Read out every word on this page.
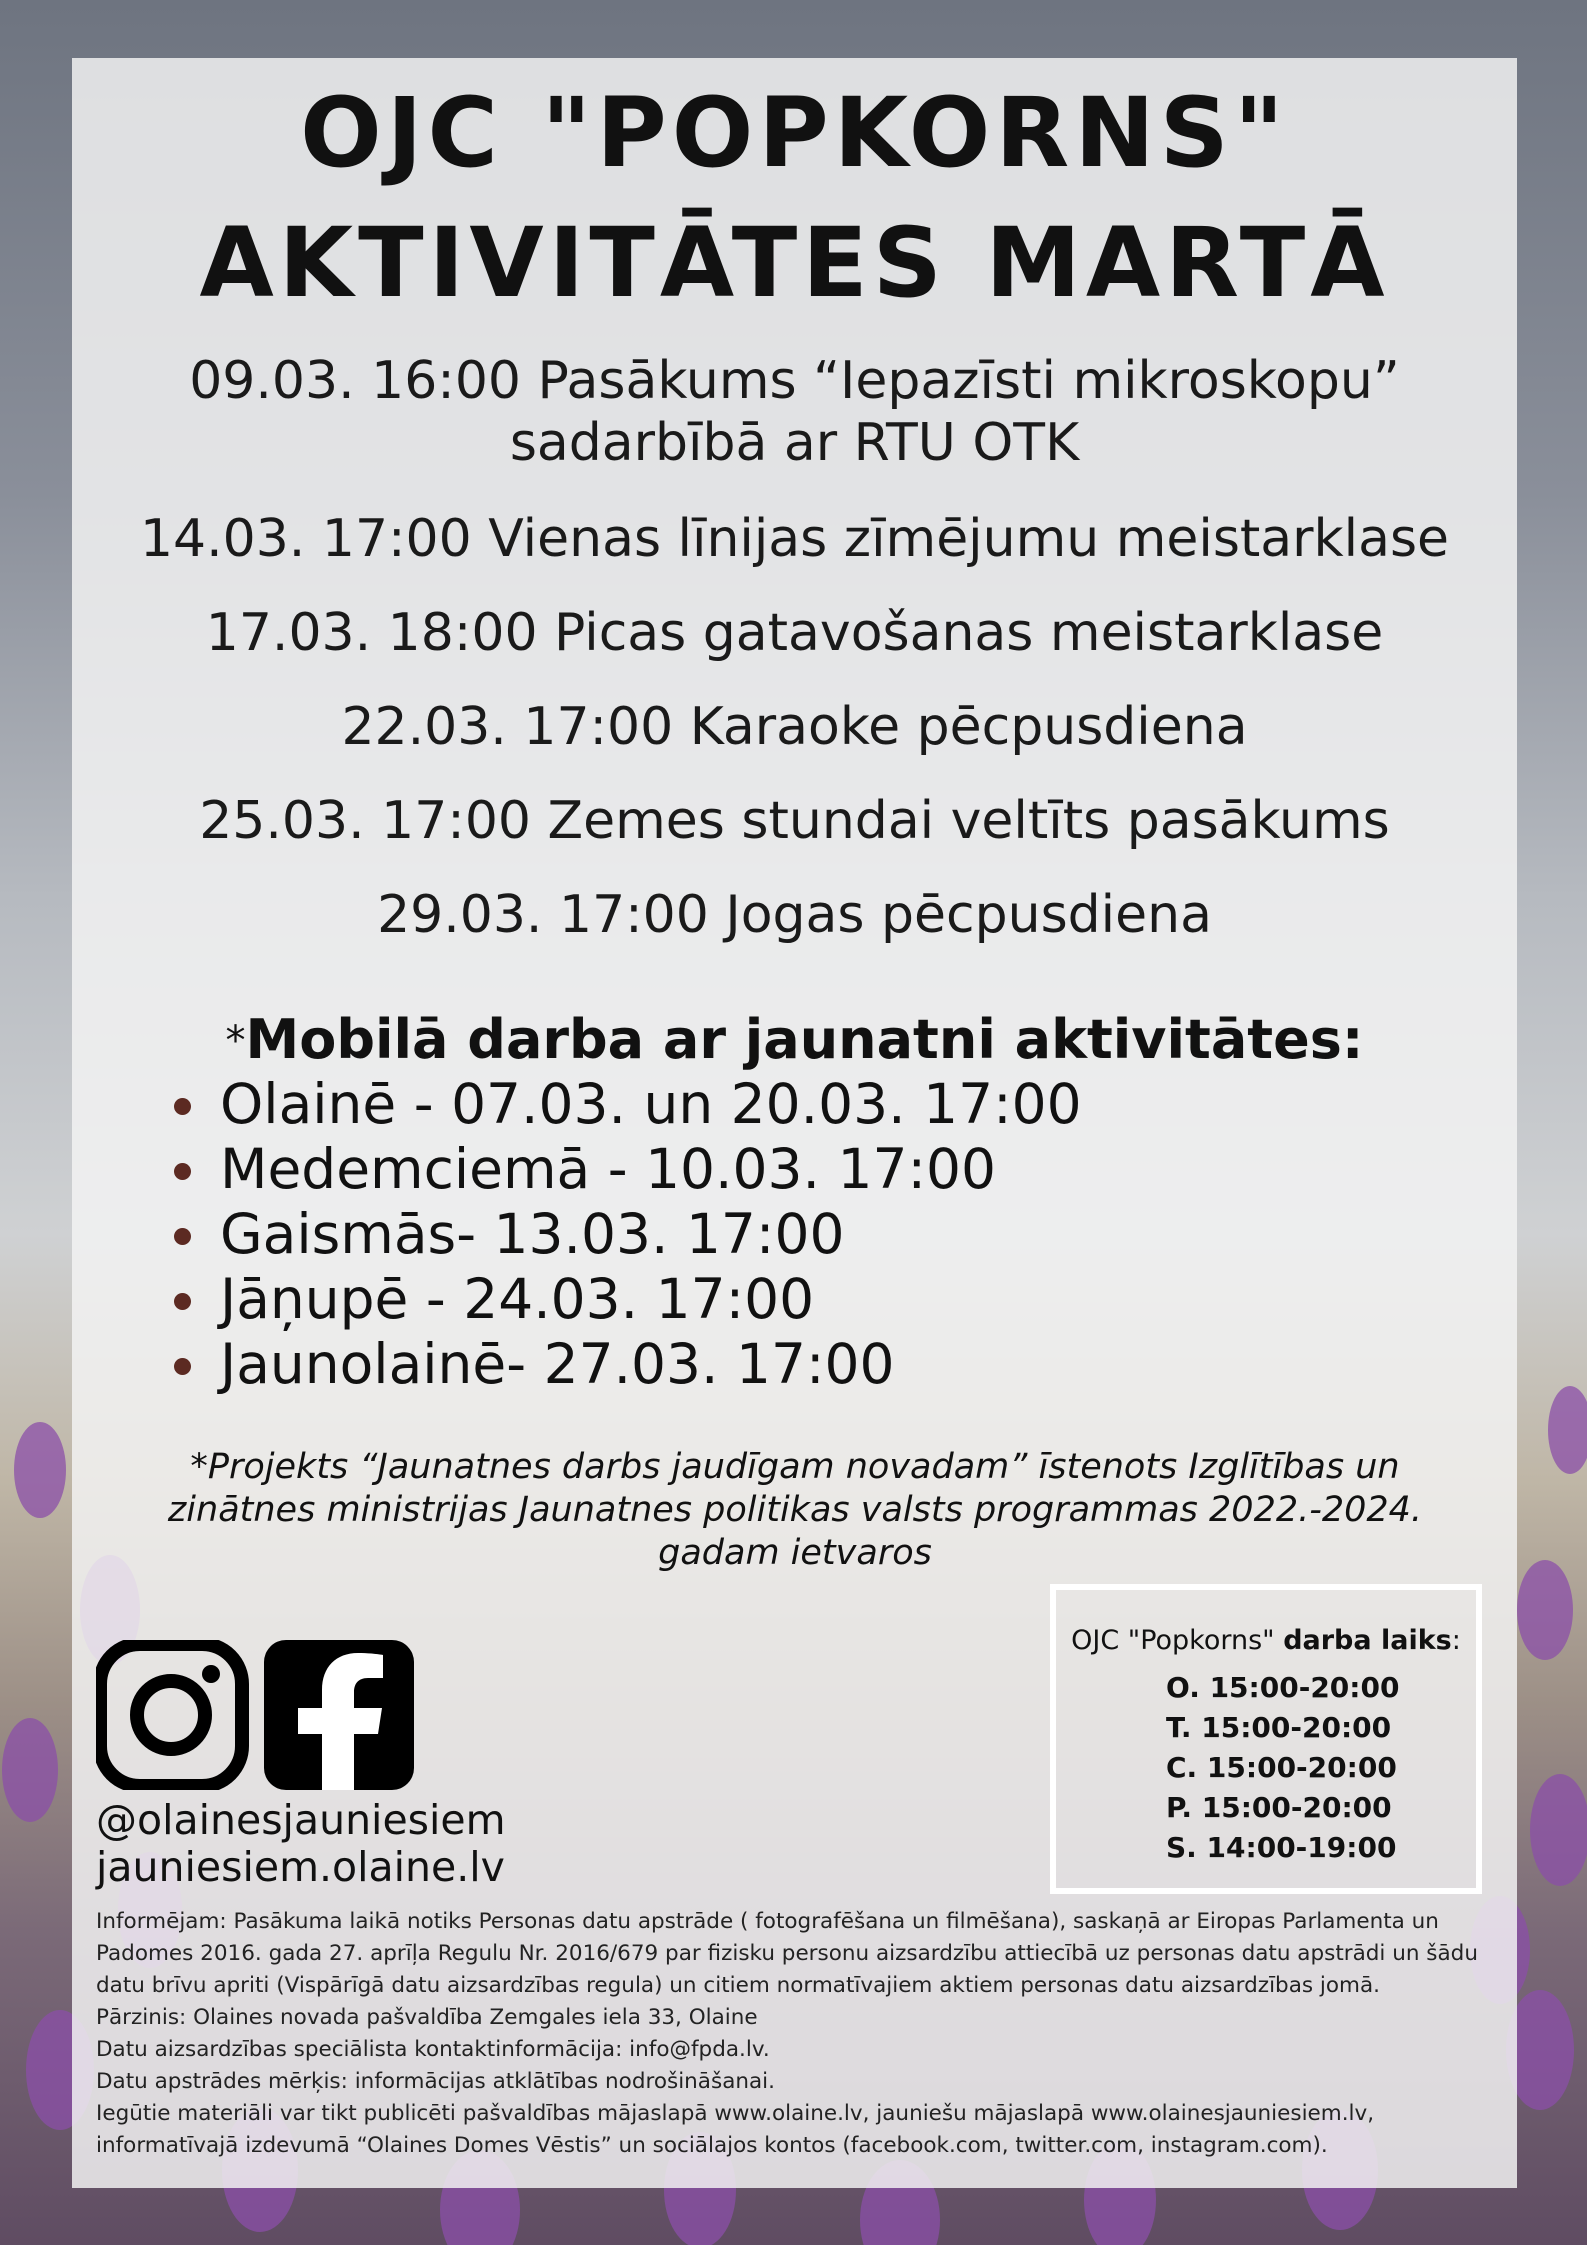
OJC "POPKORNS"
AKTIVITĀTES MARTĀ
09.03. 16:00 Pasākums “Iepazīsti mikroskopu”
sadarbībā ar RTU OTK
14.03. 17:00 Vienas līnijas zīmējumu meistarklase
17.03. 18:00 Picas gatavošanas meistarklase
22.03. 17:00 Karaoke pēcpusdiena
25.03. 17:00 Zemes stundai veltīts pasākums
29.03. 17:00 Jogas pēcpusdiena
*Mobilā darba ar jaunatni aktivitātes:
Olainē - 07.03. un 20.03. 17:00
Medemciemā - 10.03. 17:00
Gaismās- 13.03. 17:00
Jāņupē - 24.03. 17:00
Jaunolainē- 27.03. 17:00
*Projekts “Jaunatnes darbs jaudīgam novadam” īstenots Izglītības un
zinātnes ministrijas Jaunatnes politikas valsts programmas 2022.-2024.
gadam ietvaros
@olainesjauniesiem
jauniesiem.olaine.lv
OJC "Popkorns" darba laiks:
O. 15:00-20:00
T. 15:00-20:00
C. 15:00-20:00
P. 15:00-20:00
S. 14:00-19:00
Informējam: Pasākuma laikā notiks Personas datu apstrāde ( fotografēšana un filmēšana), saskaņā ar Eiropas Parlamenta un
Padomes 2016. gada 27. aprīļa Regulu Nr. 2016/679 par fizisku personu aizsardzību attiecībā uz personas datu apstrādi un šādu
datu brīvu apriti (Vispārīgā datu aizsardzības regula) un citiem normatīvajiem aktiem personas datu aizsardzības jomā.
Pārzinis: Olaines novada pašvaldība Zemgales iela 33, Olaine
Datu aizsardzības speciālista kontaktinformācija: info@fpda.lv.
Datu apstrādes mērķis: informācijas atklātības nodrošināšanai.
Iegūtie materiāli var tikt publicēti pašvaldības mājaslapā www.olaine.lv, jauniešu mājaslapā www.olainesjauniesiem.lv,
informatīvajā izdevumā “Olaines Domes Vēstis” un sociālajos kontos (facebook.com, twitter.com, instagram.com).
